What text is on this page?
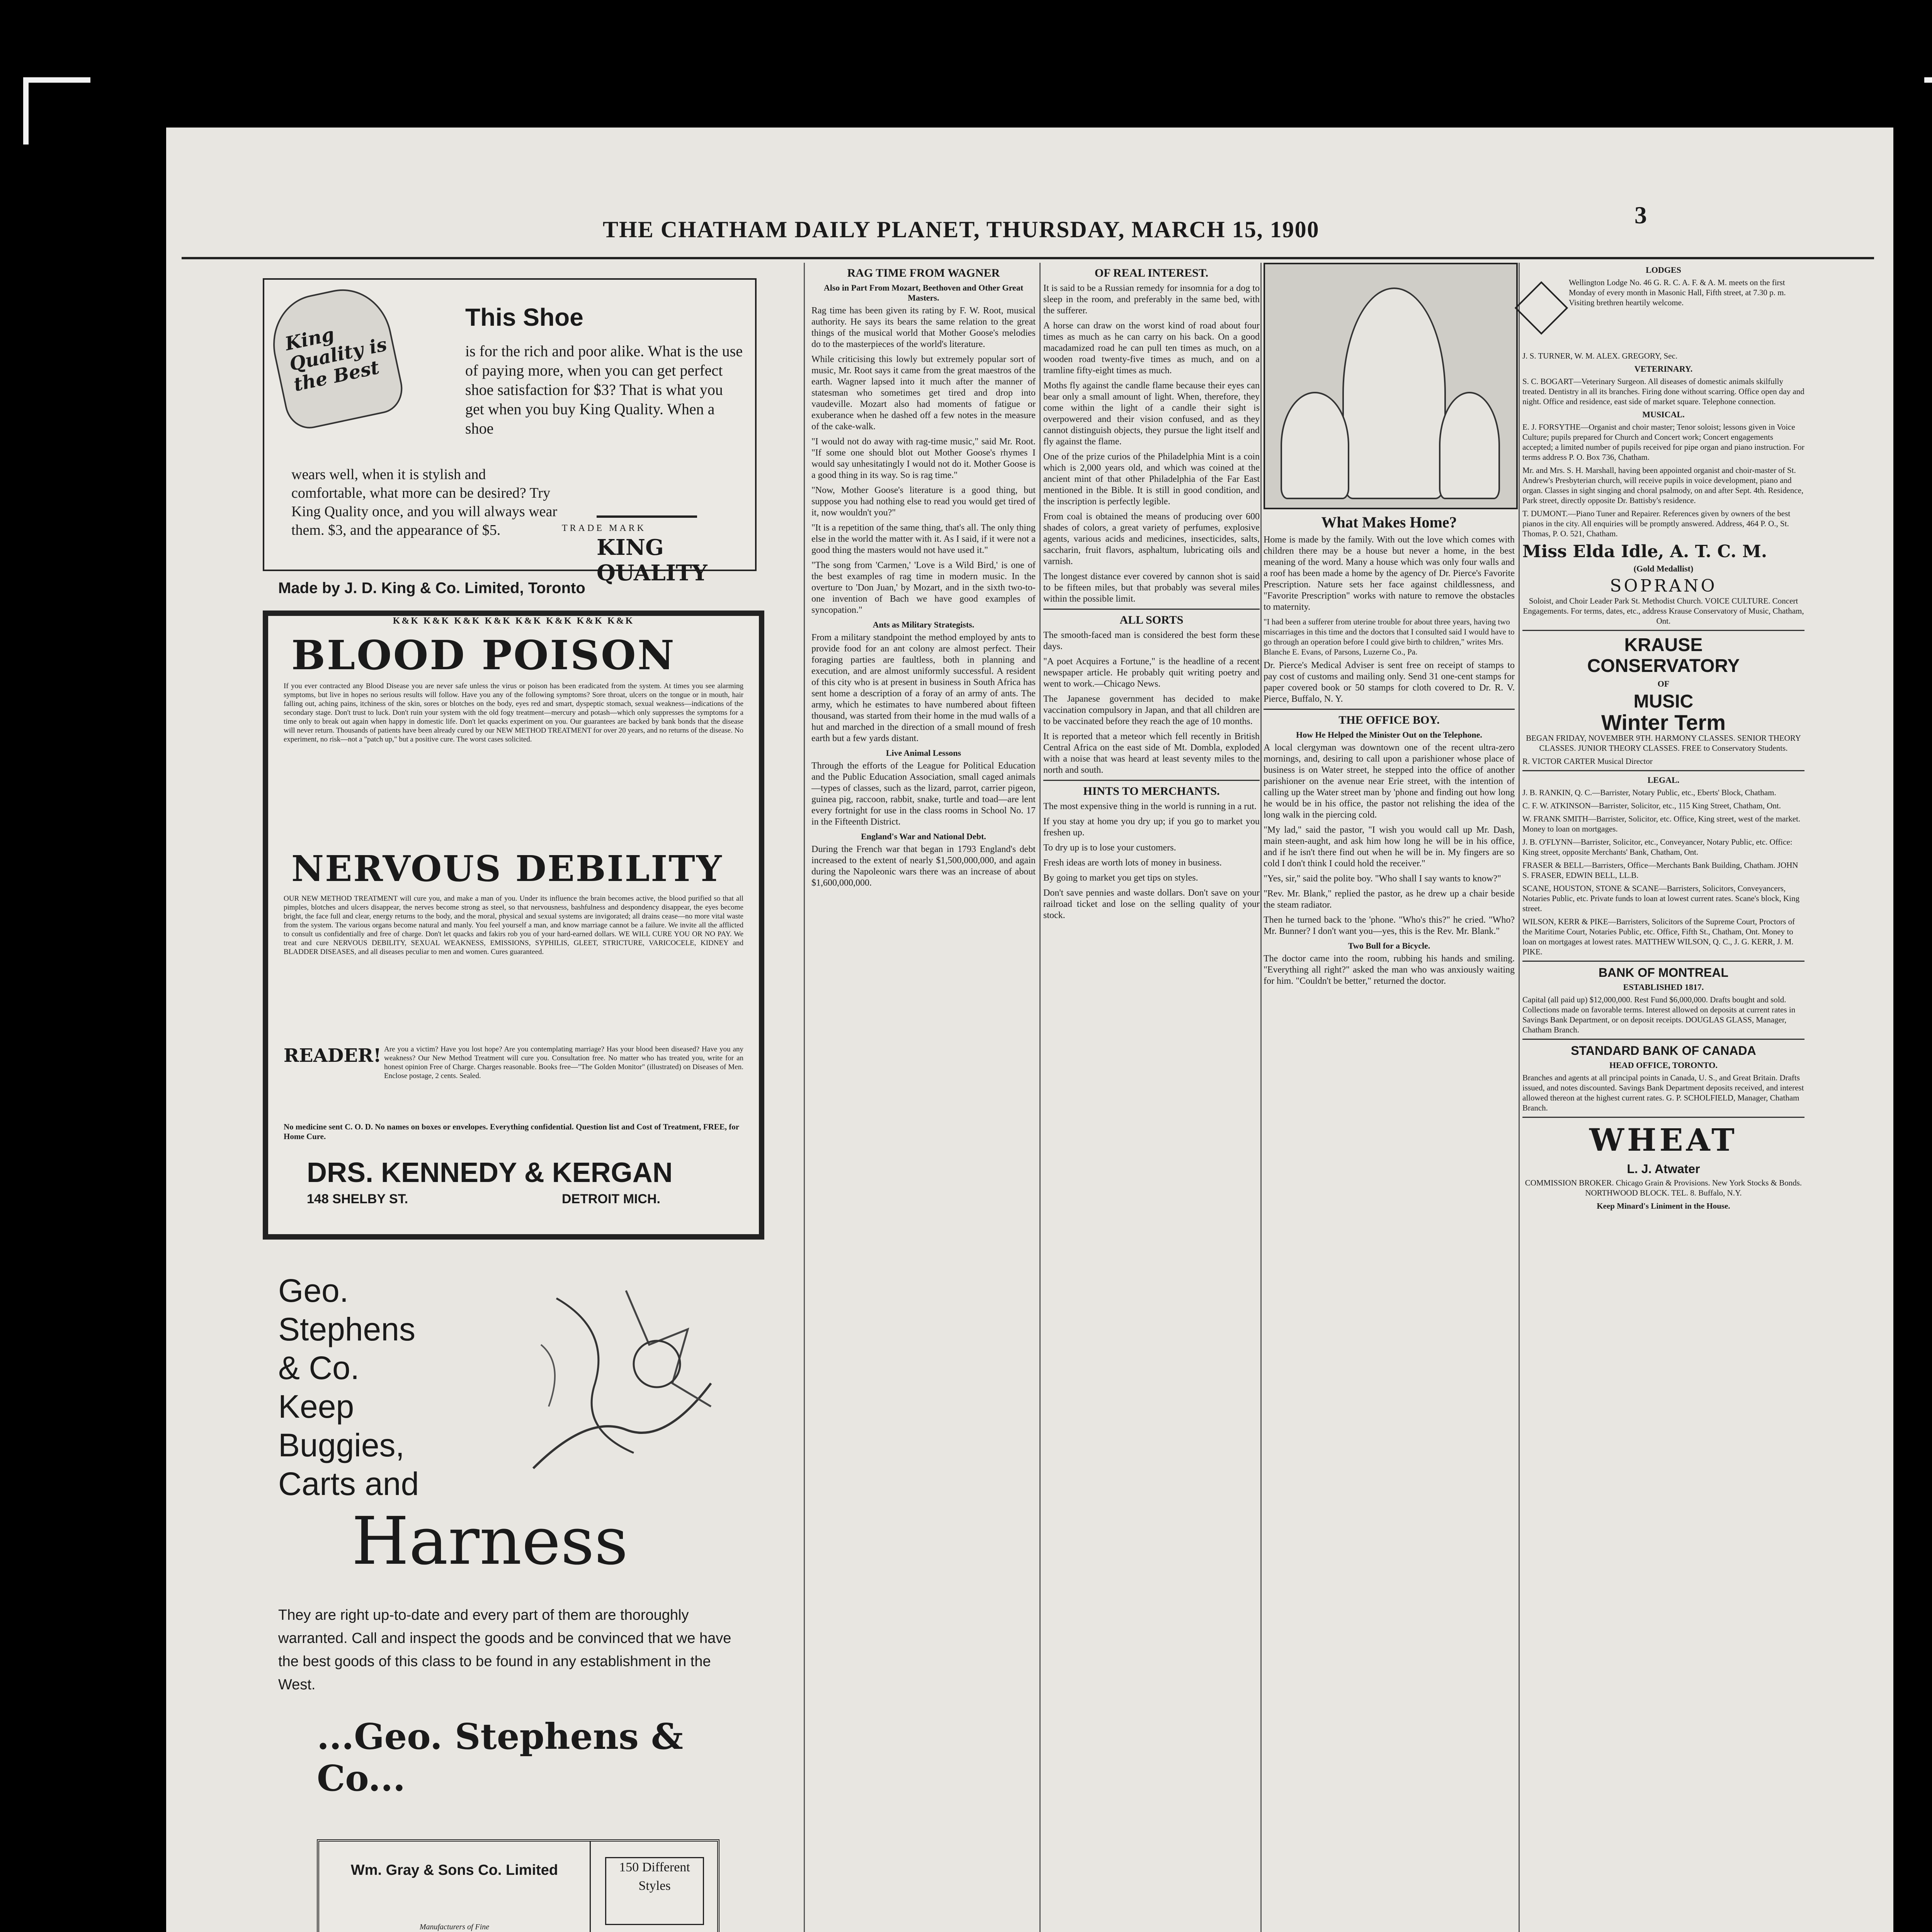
THE CHATHAM DAILY PLANET, THURSDAY, MARCH 15, 1900
3
King Quality is the Best
This Shoe
is for the rich and poor alike. What is the use of paying more, when you can get perfect shoe satisfaction for $3? That is what you get when you buy King Quality. When a shoe
wears well, when it is stylish and comfortable, what more can be desired? Try King Quality once, and you will always wear them. $3, and the appearance of $5.	TRADE MARK
KING QUALITY
Made by J. D. King & Co. Limited, Toronto
K&K K&K K&K K&K K&K K&K K&K K&K
BLOOD POISON
If you ever contracted any Blood Disease you are never safe unless the virus or poison has been eradicated from the system. At times you see alarming symptoms, but live in hopes no serious results will follow. Have you any of the following symptoms? Sore throat, ulcers on the tongue or in mouth, hair falling out, aching pains, itchiness of the skin, sores or blotches on the body, eyes red and smart, dyspeptic stomach, sexual weakness—indications of the secondary stage. Don't trust to luck. Don't ruin your system with the old fogy treatment—mercury and potash—which only suppresses the symptoms for a time only to break out again when happy in domestic life. Don't let quacks experiment on you. Our guarantees are backed by bank bonds that the disease will never return. Thousands of patients have been already cured by our NEW METHOD TREATMENT for over 20 years, and no returns of the disease. No experiment, no risk—not a "patch up," but a positive cure. The worst cases solicited.
NERVOUS DEBILITY
OUR NEW METHOD TREATMENT will cure you, and make a man of you. Under its influence the brain becomes active, the blood purified so that all pimples, blotches and ulcers disappear, the nerves become strong as steel, so that nervousness, bashfulness and despondency disappear, the eyes become bright, the face full and clear, energy returns to the body, and the moral, physical and sexual systems are invigorated; all drains cease—no more vital waste from the system. The various organs become natural and manly. You feel yourself a man, and know marriage cannot be a failure. We invite all the afflicted to consult us confidentially and free of charge. Don't let quacks and fakirs rob you of your hard-earned dollars. WE WILL CURE YOU OR NO PAY. We treat and cure NERVOUS DEBILITY, SEXUAL WEAKNESS, EMISSIONS, SYPHILIS, GLEET, STRICTURE, VARICOCELE, KIDNEY and BLADDER DISEASES, and all diseases peculiar to men and women. Cures guaranteed.
READER! Are you a victim? Have you lost hope? Are you contemplating marriage? Has your blood been diseased? Have you any weakness? Our New Method Treatment will cure you. Consultation free. No matter who has treated you, write for an honest opinion Free of Charge. Charges reasonable. Books free—"The Golden Monitor" (illustrated) on Diseases of Men. Enclose postage, 2 cents. Sealed.
No medicine sent C. O. D. No names on boxes or envelopes. Everything confidential. Question list and Cost of Treatment, FREE, for Home Cure.
DRS. KENNEDY & KERGAN
148 SHELBY ST.	DETROIT MICH.
Geo.
Stephens
& Co.
Keep
Buggies,
Carts and
Harness
They are right up-to-date and every part of them are thoroughly warranted. Call and inspect the goods and be convinced that we have the best goods of this class to be found in any establishment in the West.
...Geo. Stephens & Co...
Wm. Gray & Sons Co. Limited
Manufacturers of Fine
150 Different Styles
RAG TIME FROM WAGNER
Also in Part From Mozart, Beethoven and Other Great Masters.

Rag time has been given its rating by F. W. Root, musical authority. He says its bears the same relation to the great things of the musical world that Mother Goose's melodies do to the masterpieces of the world's literature.

While criticising this lowly but extremely popular sort of music, Mr. Root says it came from the great maestros of the earth. Wagner lapsed into it much after the manner of statesman who sometimes get tired and drop into vaudeville. Mozart also had moments of fatigue or exuberance when he dashed off a few notes in the measure of the cake-walk.

"I would not do away with rag-time music," said Mr. Root. "If some one should blot out Mother Goose's rhymes I would say unhesitatingly I would not do it. Mother Goose is a good thing in its way. So is rag time."

"Now, Mother Goose's literature is a good thing, but suppose you had nothing else to read you would get tired of it, now wouldn't you?"

"It is a repetition of the same thing, that's all. The only thing else in the world the matter with it. As I said, if it were not a good thing the masters would not have used it."

"The song from 'Carmen,' 'Love is a Wild Bird,' is one of the best examples of rag time in modern music. In the overture to 'Don Juan,' by Mozart, and in the sixth two-to-one invention of Bach we have good examples of syncopation."

Ants as Military Strategists.

From a military standpoint the method employed by ants to provide food for an ant colony are almost perfect. Their foraging parties are faultless, both in planning and execution, and are almost uniformly successful. A resident of this city who is at present in business in South Africa has sent home a description of a foray of an army of ants. The army, which he estimates to have numbered about fifteen thousand, was started from their home in the mud walls of a hut and marched in the direction of a small mound of fresh earth but a few yards distant.

Live Animal Lessons

Through the efforts of the League for Political Education and the Public Education Association, small caged animals—types of classes, such as the lizard, parrot, carrier pigeon, guinea pig, raccoon, rabbit, snake, turtle and toad—are lent every fortnight for use in the class rooms in School No. 17 in the Fifteenth District.

England's War and National Debt.

During the French war that began in 1793 England's debt increased to the extent of nearly $1,500,000,000, and again during the Napoleonic wars there was an increase of about $1,600,000,000.

OF REAL INTEREST.

It is said to be a Russian remedy for insomnia for a dog to sleep in the room, and preferably in the same bed, with the sufferer.

A horse can draw on the worst kind of road about four times as much as he can carry on his back. On a good macadamized road he can pull ten times as much, on a wooden road twenty-five times as much, and on a tramline fifty-eight times as much.

Moths fly against the candle flame because their eyes can bear only a small amount of light. When, therefore, they come within the light of a candle their sight is overpowered and their vision confused, and as they cannot distinguish objects, they pursue the light itself and fly against the flame.

One of the prize curios of the Philadelphia Mint is a coin which is 2,000 years old, and which was coined at the ancient mint of that other Philadelphia of the Far East mentioned in the Bible. It is still in good condition, and the inscription is perfectly legible.

From coal is obtained the means of producing over 600 shades of colors, a great variety of perfumes, explosive agents, various acids and medicines, insecticides, salts, saccharin, fruit flavors, asphaltum, lubricating oils and varnish.

The longest distance ever covered by cannon shot is said to be fifteen miles, but that probably was several miles within the possible limit.

ALL SORTS

The smooth-faced man is considered the best form these days.

"A poet Acquires a Fortune," is the headline of a recent newspaper article. He probably quit writing poetry and went to work.—Chicago News.

The Japanese government has decided to make vaccination compulsory in Japan, and that all children are to be vaccinated before they reach the age of 10 months.

It is reported that a meteor which fell recently in British Central Africa on the east side of Mt. Dombla, exploded with a noise that was heard at least seventy miles to the north and south.

HINTS TO MERCHANTS.

The most expensive thing in the world is running in a rut.

If you stay at home you dry up; if you go to market you freshen up.

To dry up is to lose your customers.

Fresh ideas are worth lots of money in business.

By going to market you get tips on styles.

Don't save pennies and waste dollars. Don't save on your railroad ticket and lose on the selling quality of your stock.

What Makes Home?

Home is made by the family. With out the love which comes with children there may be a house but never a home, in the best meaning of the word. Many a house which was only four walls and a roof has been made a home by the agency of Dr. Pierce's Favorite Prescription. Nature sets her face against childlessness, and "Favorite Prescription" works with nature to remove the obstacles to maternity.

"I had been a sufferer from uterine trouble for about three years, having two miscarriages in this time and the doctors that I consulted said I would have to go through an operation before I could give birth to children," writes Mrs. Blanche E. Evans, of Parsons, Luzerne Co., Pa.

Dr. Pierce's Medical Adviser is sent free on receipt of stamps to pay cost of customs and mailing only. Send 31 one-cent stamps for paper covered book or 50 stamps for cloth covered to Dr. R. V. Pierce, Buffalo, N. Y.

THE OFFICE BOY.
How He Helped the Minister Out on the Telephone.

A local clergyman was downtown one of the recent ultra-zero mornings, and, desiring to call upon a parishioner whose place of business is on Water street, he stepped into the office of another parishioner on the avenue near Erie street, with the intention of calling up the Water street man by 'phone and finding out how long he would be in his office, the pastor not relishing the idea of the long walk in the piercing cold.

"My lad," said the pastor, "I wish you would call up Mr. Dash, main steen-aught, and ask him how long he will be in his office, and if he isn't there find out when he will be in. My fingers are so cold I don't think I could hold the receiver."

"Yes, sir," said the polite boy. "Who shall I say wants to know?"

"Rev. Mr. Blank," replied the pastor, as he drew up a chair beside the steam radiator.

Then he turned back to the 'phone. "Who's this?" he cried. "Who? Mr. Bunner? I don't want you—yes, this is the Rev. Mr. Blank."

Two Bull for a Bicycle.

The doctor came into the room, rubbing his hands and smiling. "Everything all right?" asked the man who was anxiously waiting for him. "Couldn't be better," returned the doctor.

LODGES
Wellington Lodge No. 46 G. R. C. A. F. & A. M. meets on the first Monday of every month in Masonic Hall, Fifth street, at 7.30 p. m. Visiting brethren heartily welcome.

J. S. TURNER, W. M. ALEX. GREGORY, Sec.

VETERINARY.

S. C. BOGART—Veterinary Surgeon. All diseases of domestic animals skilfully treated. Dentistry in all its branches. Firing done without scarring. Office open day and night. Office and residence, east side of market square. Telephone connection.

MUSICAL.

E. J. FORSYTHE—Organist and choir master; Tenor soloist; lessons given in Voice Culture; pupils prepared for Church and Concert work; Concert engagements accepted; a limited number of pupils received for pipe organ and piano instruction. For terms address P. O. Box 736, Chatham.

Mr. and Mrs. S. H. Marshall, having been appointed organist and choir-master of St. Andrew's Presbyterian church, will receive pupils in voice development, piano and organ. Classes in sight singing and choral psalmody, on and after Sept. 4th. Residence, Park street, directly opposite Dr. Battisby's residence.

T. DUMONT.—Piano Tuner and Repairer. References given by owners of the best pianos in the city. All enquiries will be promptly answered. Address, 464 P. O., St. Thomas, P. O. 521, Chatham.

Miss Elda Idle, A. T. C. M.
(Gold Medallist)
SOPRANO

Soloist, and Choir Leader Park St. Methodist Church. VOICE CULTURE. Concert Engagements. For terms, dates, etc., address Krause Conservatory of Music, Chatham, Ont.

KRAUSE
CONSERVATORY
OF
MUSIC
Winter Term

BEGAN FRIDAY, NOVEMBER 9TH. HARMONY CLASSES. SENIOR THEORY CLASSES. JUNIOR THEORY CLASSES. FREE to Conservatory Students.

R. VICTOR CARTER Musical Director

LEGAL.

J. B. RANKIN, Q. C.—Barrister, Notary Public, etc., Eberts' Block, Chatham.

C. F. W. ATKINSON—Barrister, Solicitor, etc., 115 King Street, Chatham, Ont.

W. FRANK SMITH—Barrister, Solicitor, etc. Office, King street, west of the market. Money to loan on mortgages.

J. B. O'FLYNN—Barrister, Solicitor, etc., Conveyancer, Notary Public, etc. Office: King street, opposite Merchants' Bank, Chatham, Ont.

FRASER & BELL—Barristers, Office—Merchants Bank Building, Chatham. JOHN S. FRASER, EDWIN BELL, LL.B.

SCANE, HOUSTON, STONE & SCANE—Barristers, Solicitors, Conveyancers, Notaries Public, etc. Private funds to loan at lowest current rates. Scane's block, King street.

WILSON, KERR & PIKE—Barristers, Solicitors of the Supreme Court, Proctors of the Maritime Court, Notaries Public, etc. Office, Fifth St., Chatham, Ont. Money to loan on mortgages at lowest rates. MATTHEW WILSON, Q. C., J. G. KERR, J. M. PIKE.

BANK OF MONTREAL
ESTABLISHED 1817.

Capital (all paid up) $12,000,000. Rest Fund $6,000,000. Drafts bought and sold. Collections made on favorable terms. Interest allowed on deposits at current rates in Savings Bank Department, or on deposit receipts. DOUGLAS GLASS, Manager, Chatham Branch.

STANDARD BANK OF CANADA
HEAD OFFICE, TORONTO.

Branches and agents at all principal points in Canada, U. S., and Great Britain. Drafts issued, and notes discounted. Savings Bank Department deposits received, and interest allowed thereon at the highest current rates. G. P. SCHOLFIELD, Manager, Chatham Branch.

WHEAT
L. J. Atwater

COMMISSION BROKER. Chicago Grain & Provisions. New York Stocks & Bonds. NORTHWOOD BLOCK. TEL. 8. Buffalo, N.Y.

Keep Minard's Liniment in the House.
